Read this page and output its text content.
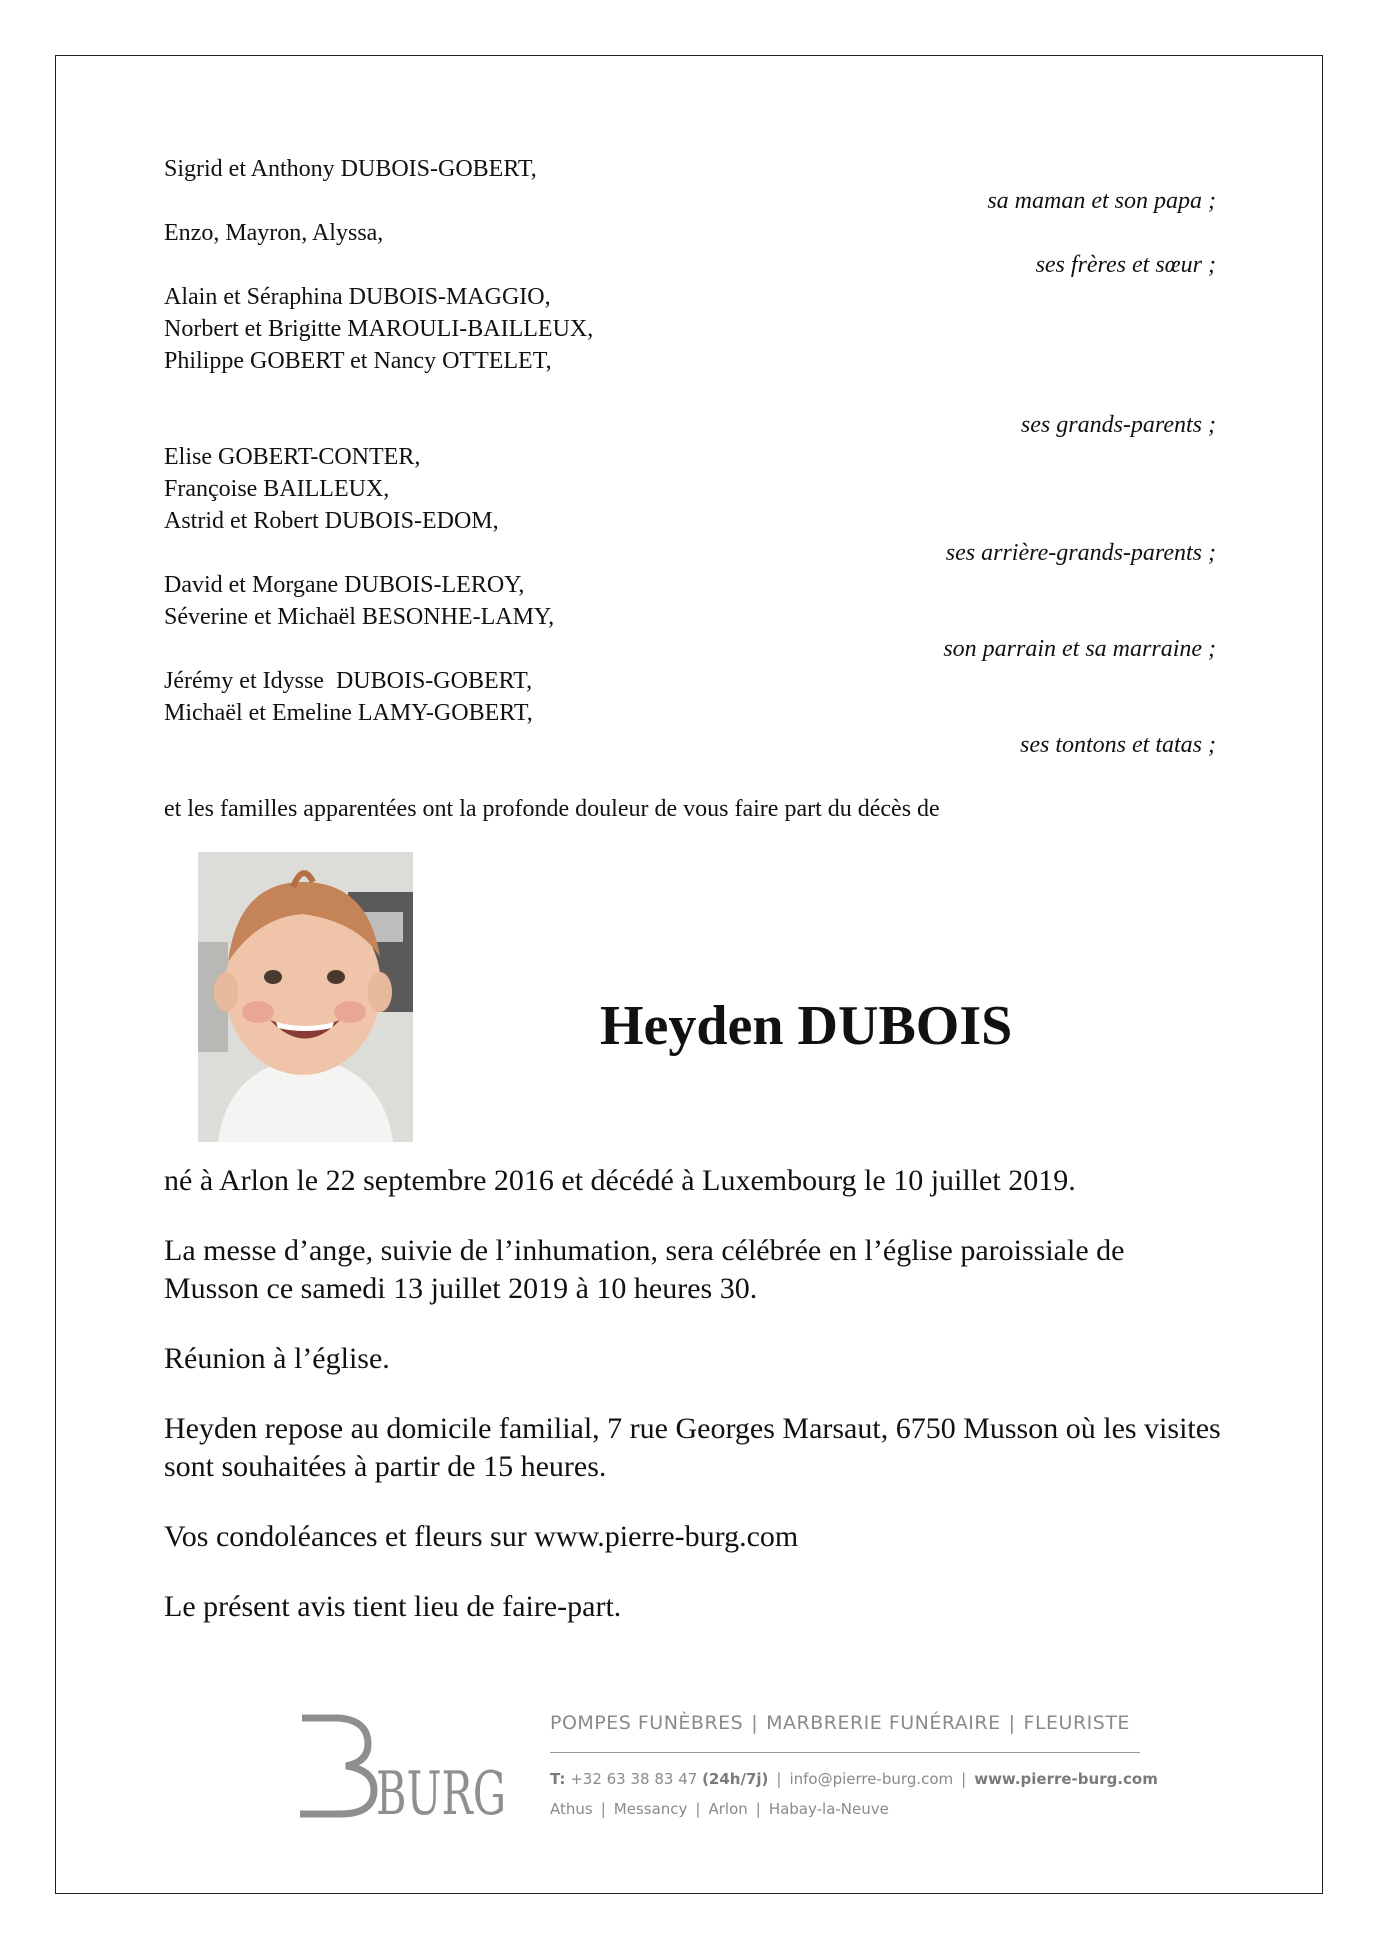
Sigrid et Anthony DUBOIS-GOBERT,
sa maman et son papa ;
Enzo, Mayron, Alyssa,
ses frères et sœur ;
Alain et Séraphina DUBOIS-MAGGIO,
Norbert et Brigitte MAROULI-BAILLEUX,
Philippe GOBERT et Nancy OTTELET,
ses grands-parents ;
Elise GOBERT-CONTER,
Françoise BAILLEUX,
Astrid et Robert DUBOIS-EDOM,
ses arrière-grands-parents ;
David et Morgane DUBOIS-LEROY,
Séverine et Michaël BESONHE-LAMY,
son parrain et sa marraine ;
Jérémy et Idysse  DUBOIS-GOBERT,
Michaël et Emeline LAMY-GOBERT,
ses tontons et tatas ;
et les familles apparentées ont la profonde douleur de vous faire part du décès de
Heyden DUBOIS
né à Arlon le 22 septembre 2016 et décédé à Luxembourg le 10 juillet 2019.
La messe d’ange, suivie de l’inhumation, sera célébrée en l’église paroissiale de Musson ce samedi 13 juillet 2019 à 10 heures 30.
Réunion à l’église.
Heyden repose au domicile familial, 7 rue Georges Marsaut, 6750 Musson où les visites sont souhaitées à partir de 15 heures.
Vos condoléances et fleurs sur www.pierre-burg.com
Le présent avis tient lieu de faire-part.
BURG
POMPES FUNÈBRES | MARBRERIE FUNÉRAIRE | FLEURISTE
T: +32 63 38 83 47 (24h/7j) | info@pierre-burg.com | www.pierre-burg.com
Athus | Messancy | Arlon | Habay-la-Neuve
